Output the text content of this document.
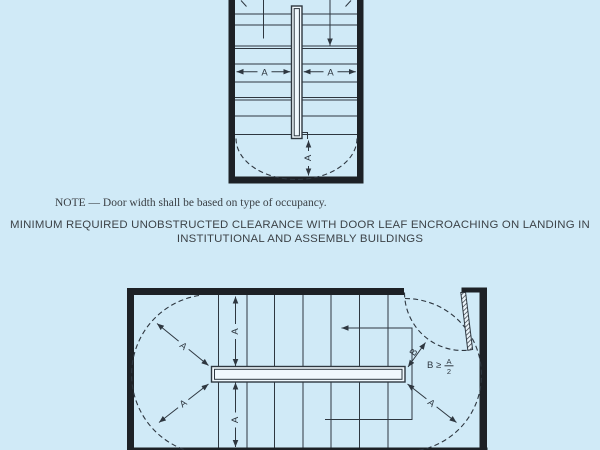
A	A
A
NOTE — Door width shall be based on type of occupancy.
MINIMUM REQUIRED UNOBSTRUCTED CLEARANCE WITH DOOR LEAF ENCROACHING ON LANDING IN
INSTITUTIONAL AND ASSEMBLY BUILDINGS
A
A
A
A	A
B
B ≥ A
2
